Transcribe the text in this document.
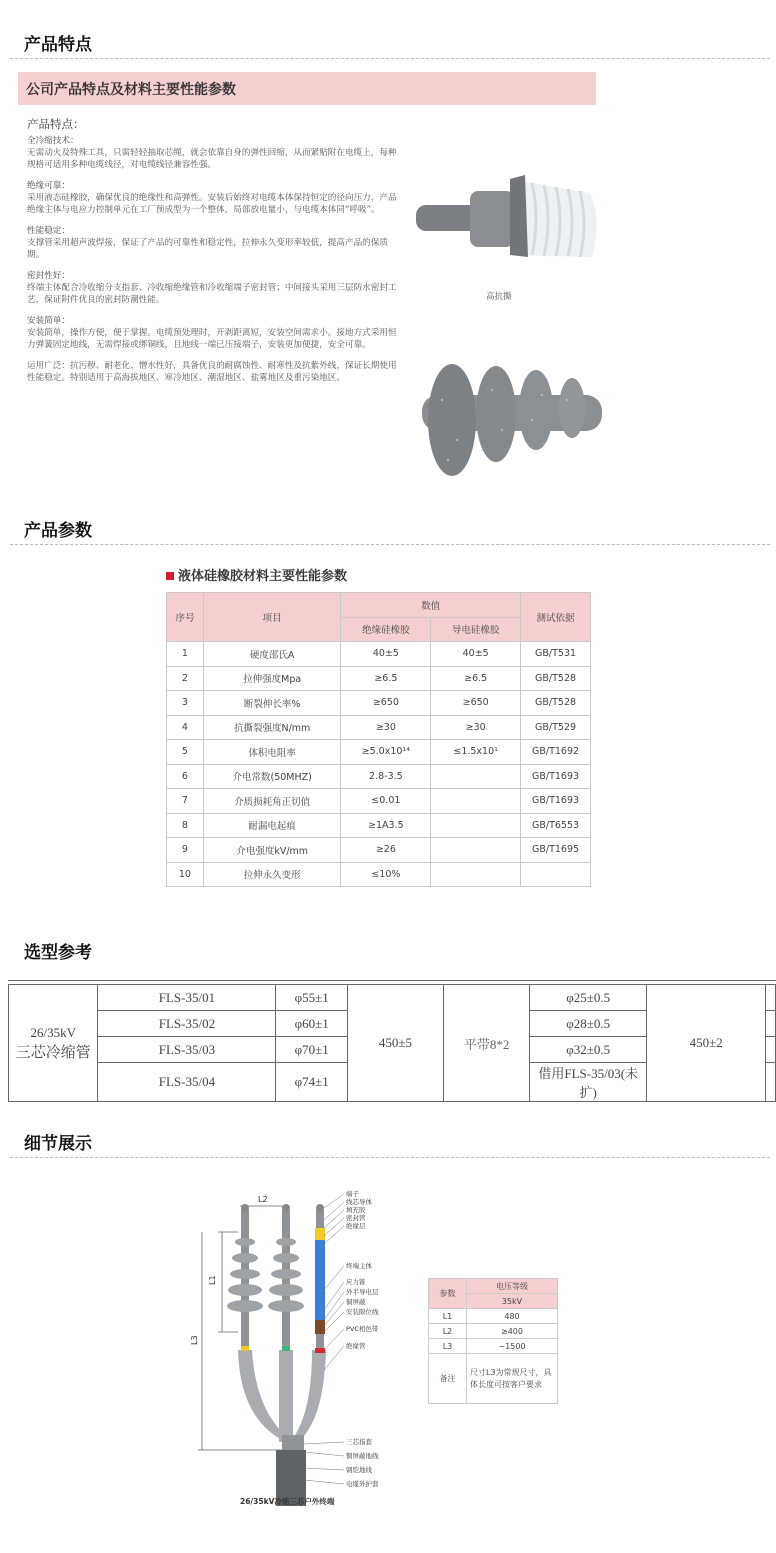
产品特点
公司产品特点及材料主要性能参数
产品特点：
全冷缩技术：
无需动火及特殊工具，只需轻轻抽取芯绳，就会依靠自身的弹性回缩，从而紧贴附在电缆上，每种规格可适用多种电缆线径，对电缆线径兼容性强。
绝缘可靠：
采用液态硅橡胶，确保优良的绝缘性和高弹性。安装后始终对电缆本体保持恒定的径向压力，产品绝缘主体与电应力控制单元在工厂预成型为一个整体，局部放电量小，与电缆本体同“呼吸”。
性能稳定：
支撑管采用超声波焊接，保证了产品的可靠性和稳定性，拉伸永久变形率较低，提高产品的保质期。
密封性好：
终端主体配合冷收缩分支指套、冷收缩绝缘管和冷收缩端子密封管；中间接头采用三层防水密封工艺，保证附件优良的密封防潮性能。
安装简单：
安装简单，操作方便，便于掌握。电缆预处理时，开剥距离短，安装空间需求小。接地方式采用恒力弹簧固定地线，无需焊接或绑铜线，且地线一端已压接端子，安装更加便捷，安全可靠。
运用广泛：抗污秽、耐老化、憎水性好，具备优良的耐腐蚀性、耐寒性及抗紫外线，保证长期使用性能稳定。特别适用于高海拔地区、寒冷地区、潮湿地区、盐雾地区及重污染地区。
高抗撕
产品参数
液体硅橡胶材料主要性能参数
序号	项目	数值		测试依据
		绝缘硅橡胶	导电硅橡胶	
1	硬度邵氏A	40±5	40±5	GB/T531
2	拉伸强度Mpa	≥6.5	≥6.5	GB/T528
3	断裂伸长率%	≥650	≥650	GB/T528
4	抗撕裂强度N/mm	≥30	≥30	GB/T529
5	体积电阻率	≥5.0x10¹⁴	≤1.5x10¹	GB/T1692
6	介电常数(50MHZ)	2.8-3.5		GB/T1693
7	介质损耗角正切值	≤0.01		GB/T1693
8	耐漏电起痕	≥1A3.5		GB/T6553
9	介电强度kV/mm	≥26		GB/T1695
10	拉伸永久变形	≤10%		
选型参考
26/35kV
三芯冷缩管	FLS-35/01	φ55±1	450±5	平带8*2	φ25±0.5	450±2	
	FLS-35/02	φ60±1			φ28±0.5		
	FLS-35/03	φ70±1			φ32±0.5		
	FLS-35/04	φ74±1			借用FLS-35/03(未扩)		
细节展示
L2
L1
L3
端子
线芯导体
填充胶
密封管
绝缘层
终端主体
应力锥
外半导电层
铜屏蔽
安装限位线
PVC相色带
绝缘管
三芯指套
铜屏蔽地线
钢铠地线
电缆外护套
26/35kV冷缩三芯户外终端
参数	电压等级
	35kV
L1	480
L2	≥400
L3	~1500
备注	尺寸L3为常规尺寸，具体长度可按客户要求
